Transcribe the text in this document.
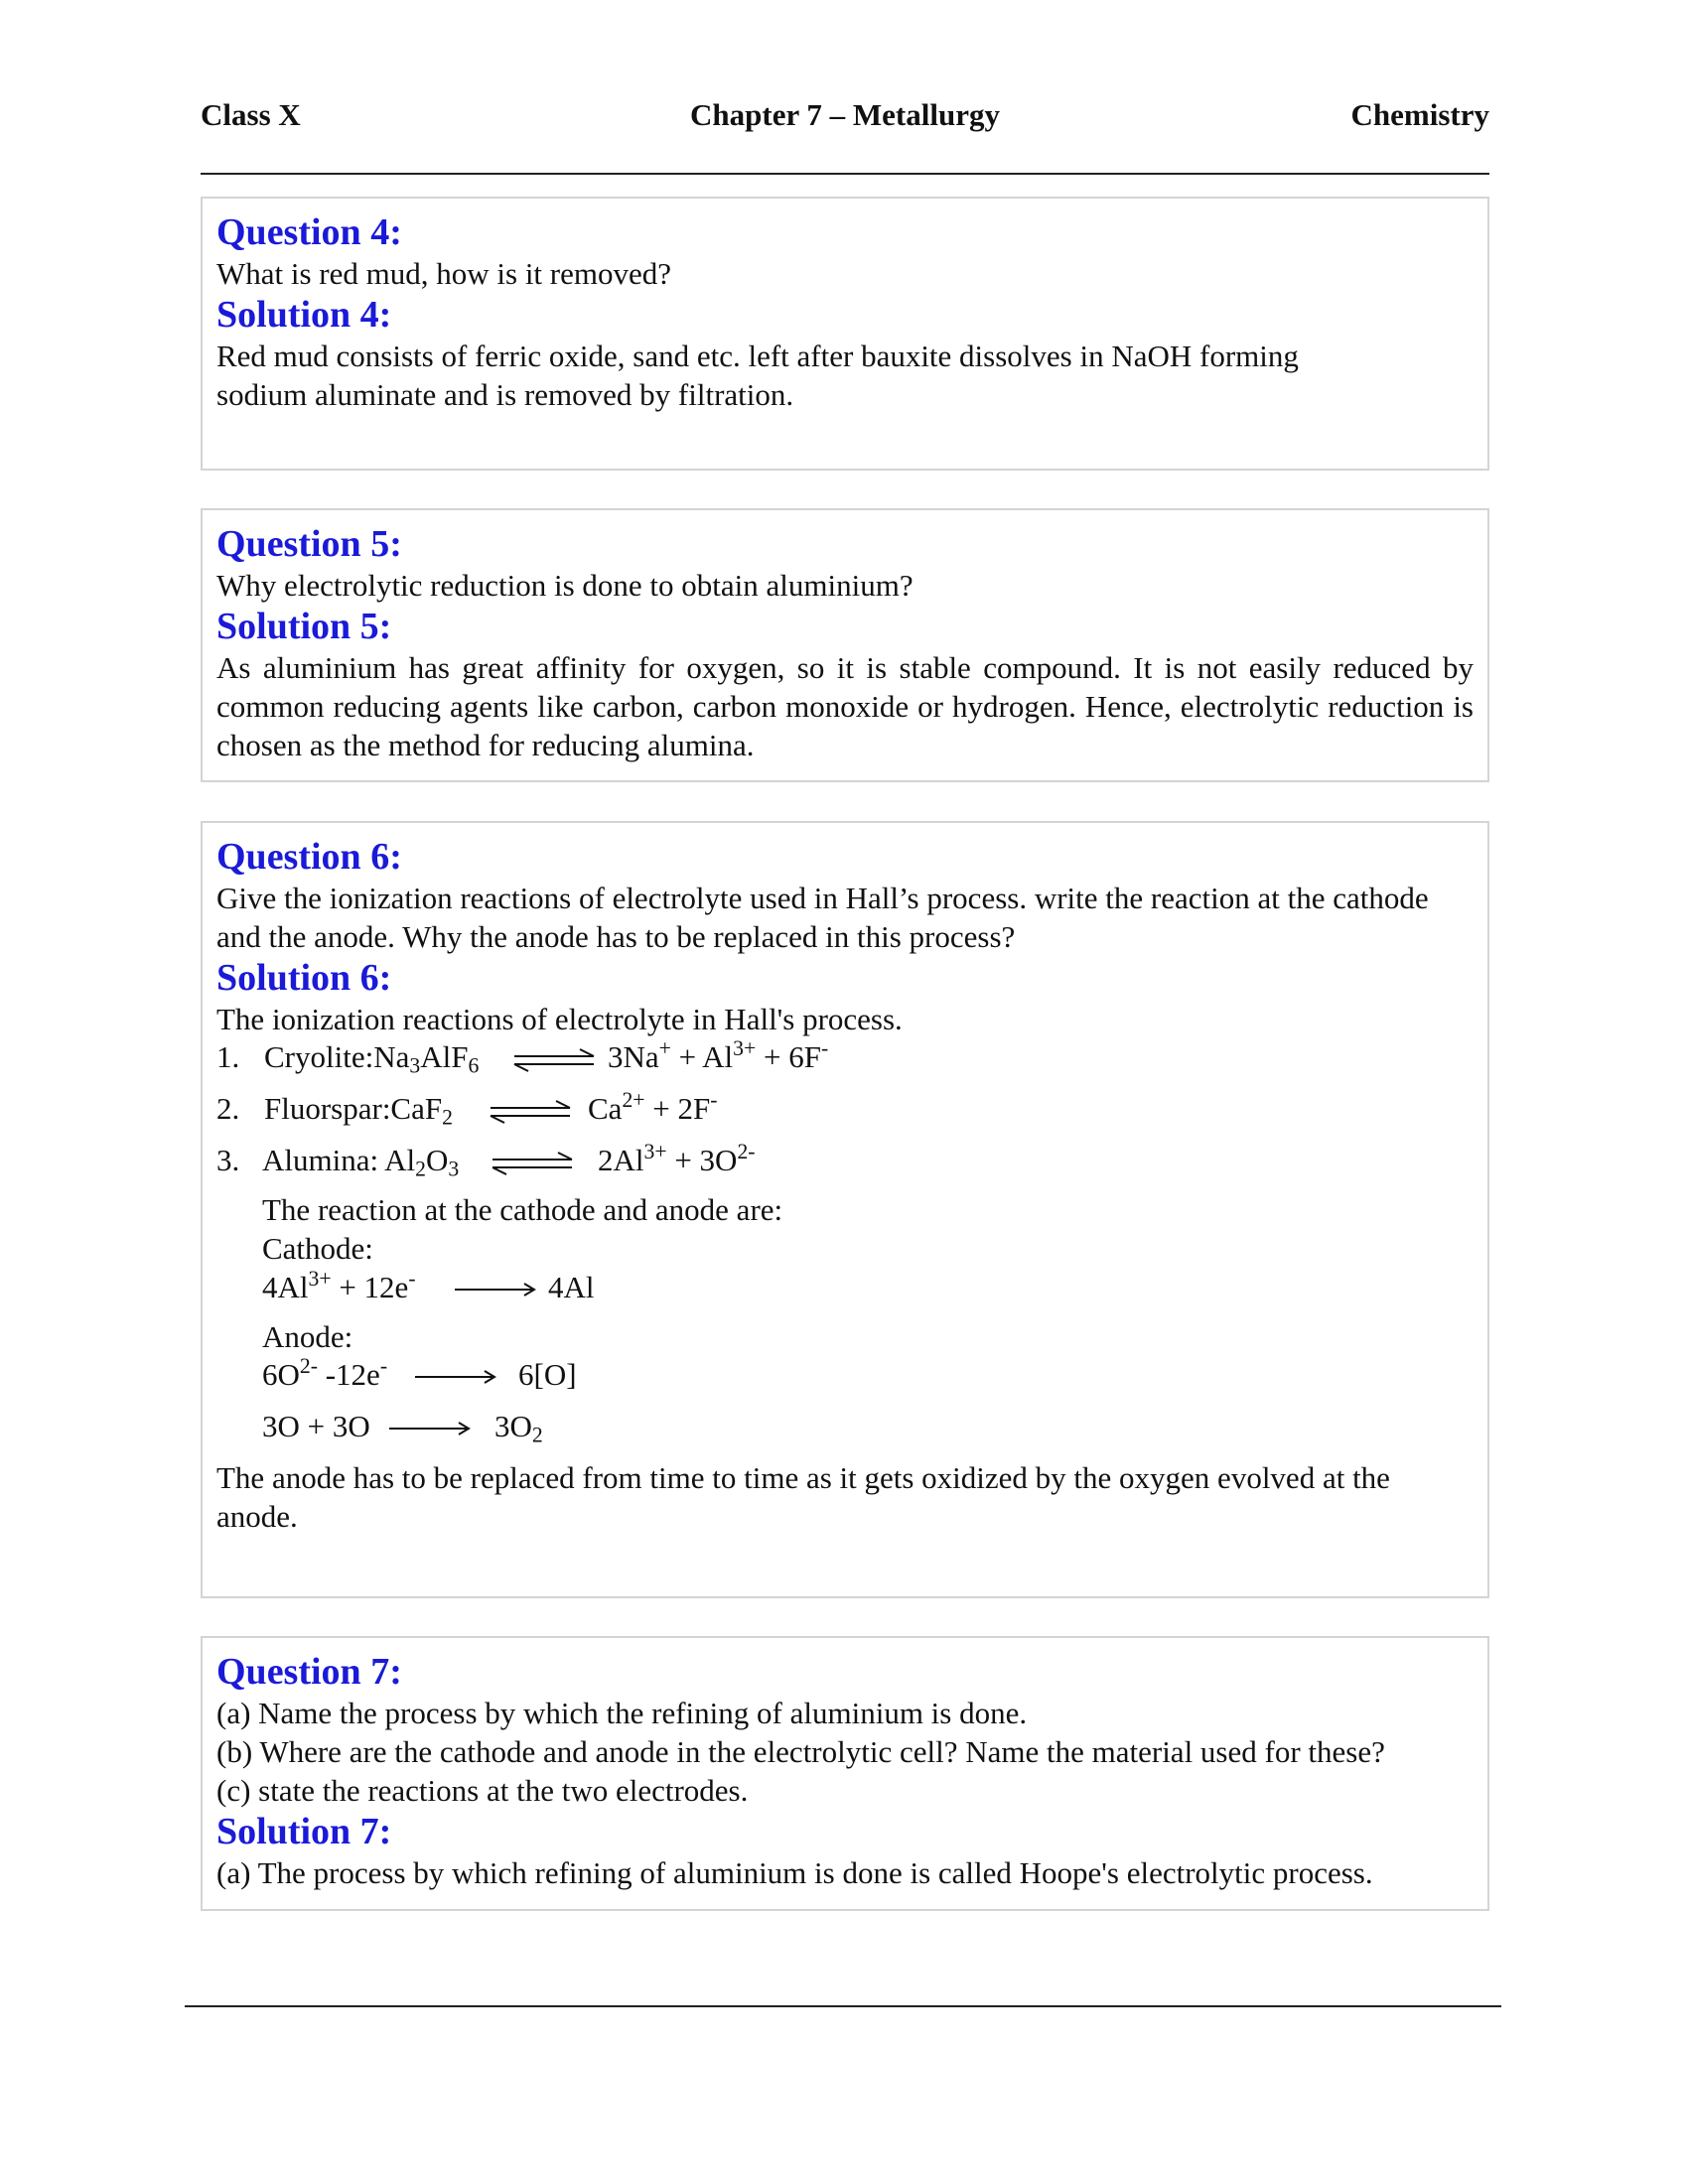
Class X	Chapter 7 – Metallurgy	Chemistry
Question 4:
What is red mud, how is it removed?
Solution 4:
Red mud consists of ferric oxide, sand etc. left after bauxite dissolves in NaOH forming sodium aluminate and is removed by filtration.
Question 5:
Why electrolytic reduction is done to obtain aluminium?
Solution 5:
As aluminium has great affinity for oxygen, so it is stable compound. It is not easily reduced by common reducing agents like carbon, carbon monoxide or hydrogen. Hence, electrolytic reduction is chosen as the method for reducing alumina.
Question 6:
Give the ionization reactions of electrolyte used in Hall’s process. write the reaction at the cathode and the anode. Why the anode has to be replaced in this process?
Solution 6:
The ionization reactions of electrolyte in Hall's process.
1. $Cryolite:Na_3AlF_6$	$3Na^+ + Al^{3+} + 6F^-$
2. Fluorspar:CaF$_2$	$Ca^{2+} + 2F^-$
3. Alumina: $Al_2O_3$	$2Al^{3+} + 3O^{2-}$
The reaction at the cathode and anode are:
Cathode:
$4Al^{3+} + 12e^-$	4Al
Anode:
$6O^{2-}$ -12e-	6[O]
3O + 3O	$3O_2$
The anode has to be replaced from time to time as it gets oxidized by the oxygen evolved at the anode.
Question 7:
(a) Name the process by which the refining of aluminium is done.
(b) Where are the cathode and anode in the electrolytic cell? Name the material used for these?
(c) state the reactions at the two electrodes.
Solution 7:
(a) The process by which refining of aluminium is done is called Hoope's electrolytic process.
